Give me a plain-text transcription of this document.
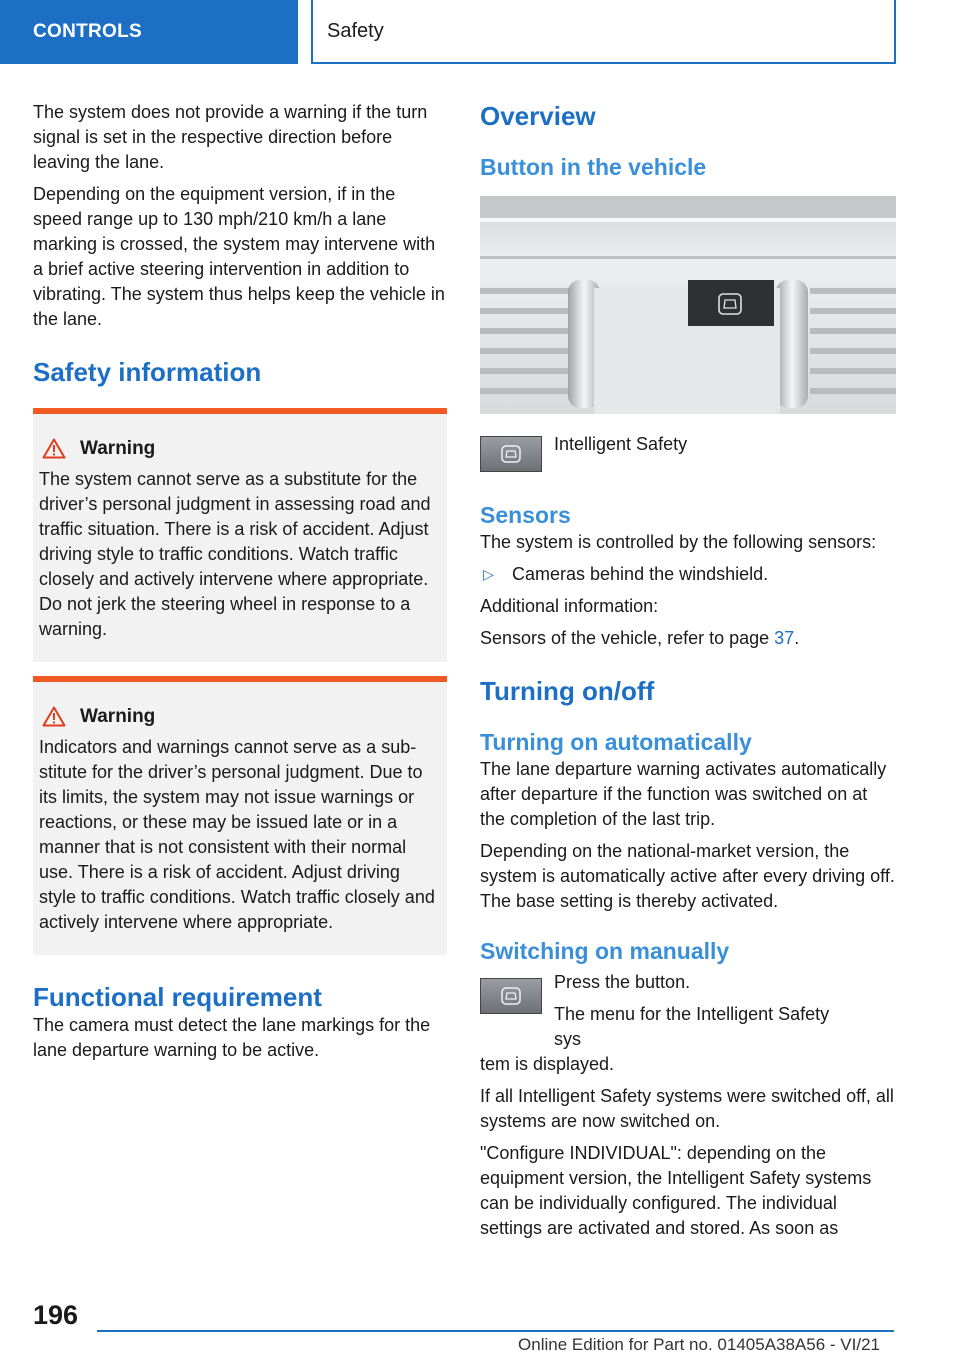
CONTROLS	Safety

The system does not provide a warning if the turn signal is set in the respective direction before leaving the lane.

Depending on the equipment version, if in the speed range up to 130 mph/210 km/h a lane marking is crossed, the system may intervene with a brief active steering intervention in addition to vibrating. The system thus helps keep the vehicle in the lane.

Safety information
Warning

The system cannot serve as a substitute for the driver’s personal judgment in assessing road and traffic situation. There is a risk of accident. Adjust driving style to traffic conditions. Watch traffic closely and actively intervene where appropriate. Do not jerk the steering wheel in response to a warning.

Warning

Indicators and warnings cannot serve as a substitute for the driver’s personal judgment. Due to its limits, the system may not issue warnings or reactions, or these may be issued late or in a manner that is not consistent with their normal use. There is a risk of accident. Adjust driving style to traffic conditions. Watch traffic closely and actively intervene where appropriate.

Functional requirement

The camera must detect the lane markings for the lane departure warning to be active.

Overview
Button in the vehicle
Intelligent Safety
Sensors

The system is controlled by the following sensors:

▷	Cameras behind the windshield.

Additional information:

Sensors of the vehicle, refer to page 37.

Turning on/off
Turning on automatically

The lane departure warning activates automatically after departure if the function was switched on at the completion of the last trip.

Depending on the national-market version, the system is automatically active after every driving off. The base setting is thereby activated.

Switching on manually

Press the button.

The menu for the Intelligent Safety sys

tem is displayed.

If all Intelligent Safety systems were switched off, all systems are now switched on.

"Configure INDIVIDUAL": depending on the equipment version, the Intelligent Safety systems can be individually configured. The individual settings are activated and stored. As soon as

196
Online Edition for Part no. 01405A38A56 - VI/21
